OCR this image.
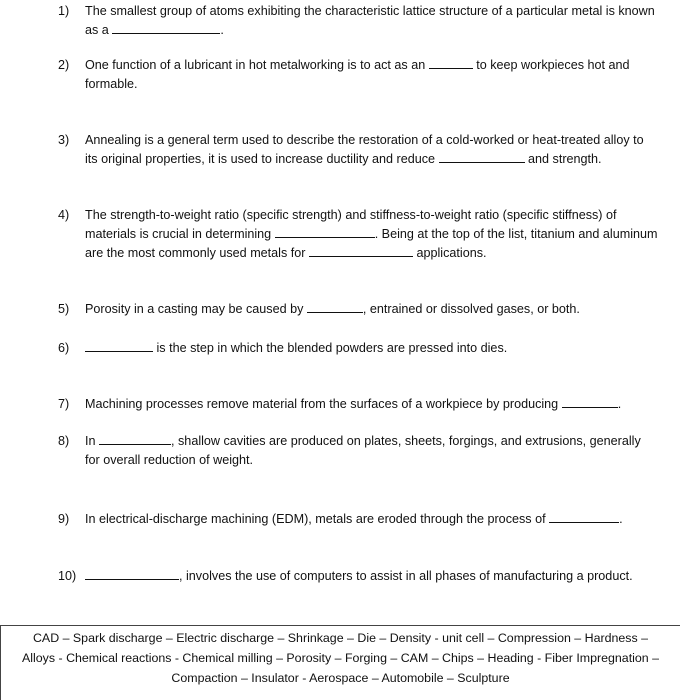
1) The smallest group of atoms exhibiting the characteristic lattice structure of a particular metal is known as a	.
2) One function of a lubricant in hot metalworking is to act as an	to keep workpieces hot and formable.
3) Annealing is a general term used to describe the restoration of a cold-worked or heat-treated alloy to its original properties, it is used to increase ductility and reduce	and strength.
4) The strength-to-weight ratio (specific strength) and stiffness-to-weight ratio (specific stiffness) of materials is crucial in determining	. Being at the top of the list, titanium and aluminum are the most commonly used metals for	applications.
5) Porosity in a casting may be caused by	, entrained or dissolved gases, or both.
6)	is the step in which the blended powders are pressed into dies.
7) Machining processes remove material from the surfaces of a workpiece by producing	.
8) In	, shallow cavities are produced on plates, sheets, forgings, and extrusions, generally for overall reduction of weight.
9) In electrical-discharge machining (EDM), metals are eroded through the process of	.
10)	, involves the use of computers to assist in all phases of manufacturing a product.
CAD – Spark discharge – Electric discharge – Shrinkage – Die – Density - unit cell – Compression – Hardness –
Alloys - Chemical reactions - Chemical milling – Porosity – Forging – CAM – Chips – Heading - Fiber Impregnation –
Compaction – Insulator - Aerospace – Automobile – Sculpture
